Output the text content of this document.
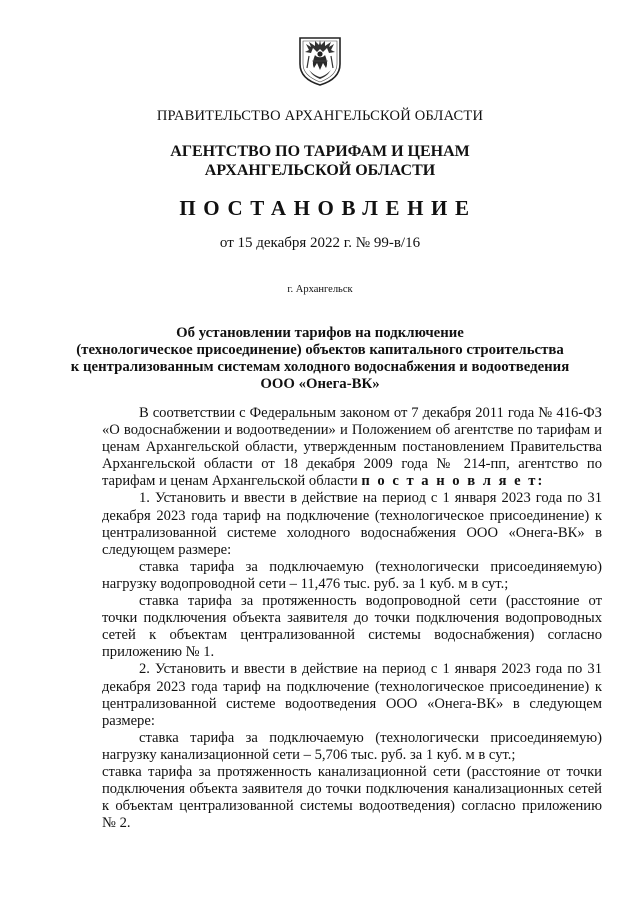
ПРАВИТЕЛЬСТВО АРХАНГЕЛЬСКОЙ ОБЛАСТИ
АГЕНТСТВО ПО ТАРИФАМ И ЦЕНАМ
АРХАНГЕЛЬСКОЙ ОБЛАСТИ
ПОСТАНОВЛЕНИЕ
от 15 декабря 2022 г. № 99-в/16
г. Архангельск
Об установлении тарифов на подключение
(технологическое присоединение) объектов капитального строительства
к централизованным системам холодного водоснабжения и водоотведения
ООО «Онега-ВК»

В соответствии с Федеральным законом от 7 декабря 2011 года № 416-ФЗ «О водоснабжении и водоотведении» и Положением об агентстве по тарифам и ценам Архангельской области, утвержденным постановлением Правительства Архангельской области от 18 декабря 2009 года № 214-пп, агентство по тарифам и ценам Архангельской области п о с т а н о в л я е т:

1. Установить и ввести в действие на период с 1 января 2023 года по 31 декабря 2023 года тариф на подключение (технологическое присоединение) к централизованной системе холодного водоснабжения ООО «Онега-ВК» в следующем размере:

ставка тарифа за подключаемую (технологически присоединяемую) нагрузку водопроводной сети – 11,476 тыс. руб. за 1 куб. м в сут.;

ставка тарифа за протяженность водопроводной сети (расстояние от точки подключения объекта заявителя до точки подключения водопроводных сетей к объектам централизованной системы водоснабжения) согласно приложению № 1.

2. Установить и ввести в действие на период с 1 января 2023 года по 31 декабря 2023 года тариф на подключение (технологическое присоединение) к централизованной системе водоотведения ООО «Онега-ВК» в следующем размере:

ставка тарифа за подключаемую (технологически присоединяемую) нагрузку канализационной сети – 5,706 тыс. руб. за 1 куб. м в сут.;

ставка тарифа за протяженность канализационной сети (расстояние от точки подключения объекта заявителя до точки подключения канализационных сетей к объектам централизованной системы водоотведения) согласно приложению № 2.
